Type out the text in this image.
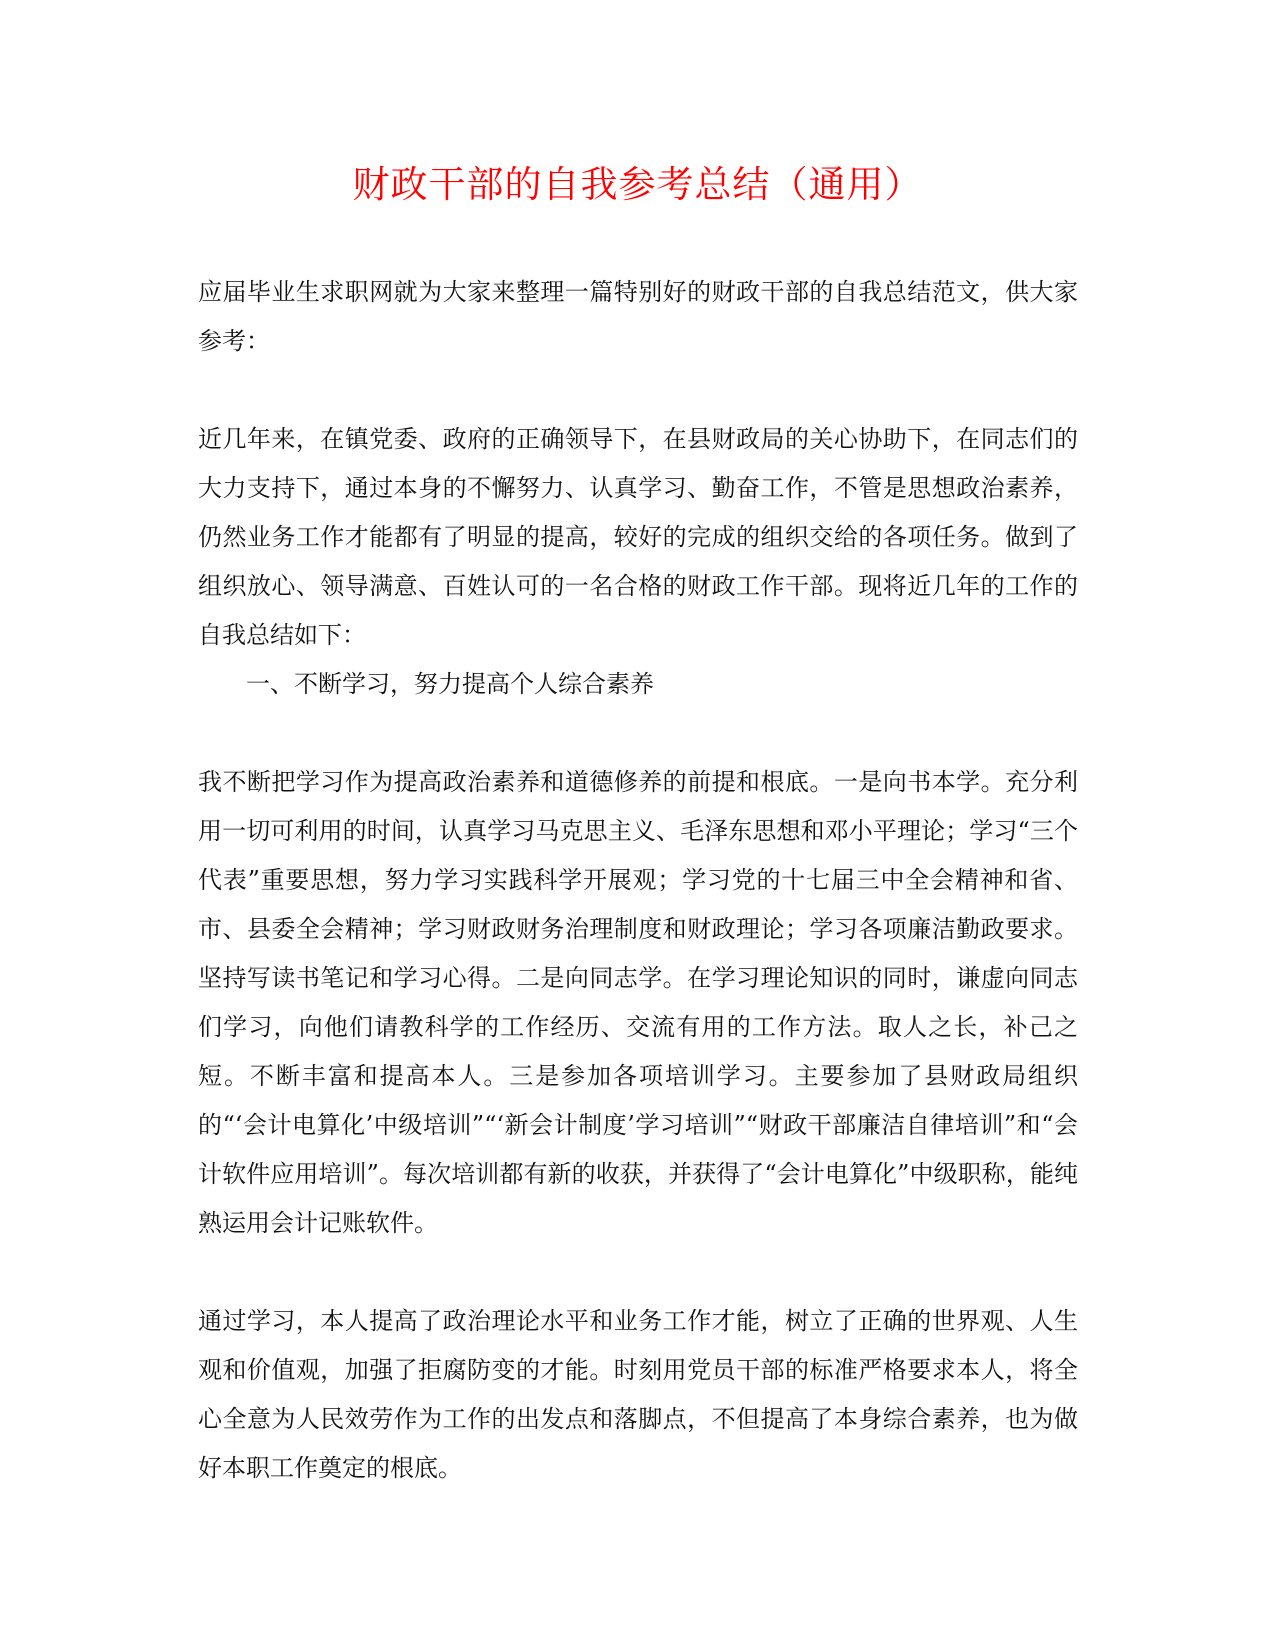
财政干部的自我参考总结（通用）

应届毕业生求职网就为大家来整理一篇特别好的财政干部的自我总结范文，供大家参考：

近几年来，在镇党委、政府的正确领导下，在县财政局的关心协助下，在同志们的大力支持下，通过本身的不懈努力、认真学习、勤奋工作，不管是思想政治素养，仍然业务工作才能都有了明显的提高，较好的完成的组织交给的各项任务。做到了组织放心、领导满意、百姓认可的一名合格的财政工作干部。现将近几年的工作的自我总结如下：

一、不断学习，努力提高个人综合素养

我不断把学习作为提高政治素养和道德修养的前提和根底。一是向书本学。充分利用一切可利用的时间，认真学习马克思主义、毛泽东思想和邓小平理论；学习“三个代表”重要思想，努力学习实践科学开展观；学习党的十七届三中全会精神和省、市、县委全会精神；学习财政财务治理制度和财政理论；学习各项廉洁勤政要求。坚持写读书笔记和学习心得。二是向同志学。在学习理论知识的同时，谦虚向同志们学习，向他们请教科学的工作经历、交流有用的工作方法。取人之长，补己之短。不断丰富和提高本人。三是参加各项培训学习。主要参加了县财政局组织的“‘会计电算化’中级培训”“‘新会计制度’学习培训”“财政干部廉洁自律培训”和“会计软件应用培训”。每次培训都有新的收获，并获得了“会计电算化”中级职称，能纯熟运用会计记账软件。

通过学习，本人提高了政治理论水平和业务工作才能，树立了正确的世界观、人生观和价值观，加强了拒腐防变的才能。时刻用党员干部的标准严格要求本人，将全心全意为人民效劳作为工作的出发点和落脚点，不但提高了本身综合素养，也为做好本职工作奠定的根底。
